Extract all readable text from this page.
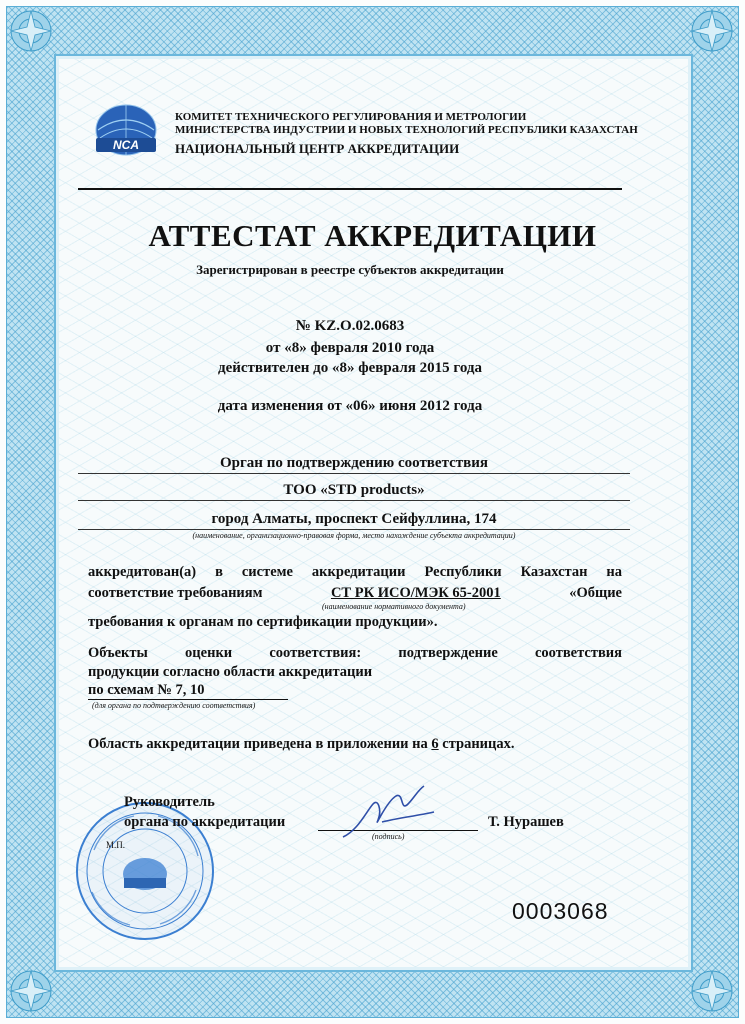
NCA
КОМИТЕТ ТЕХНИЧЕСКОГО РЕГУЛИРОВАНИЯ И МЕТРОЛОГИИ
МИНИСТЕРСТВА ИНДУСТРИИ И НОВЫХ ТЕХНОЛОГИЙ РЕСПУБЛИКИ КАЗАХСТАН
НАЦИОНАЛЬНЫЙ ЦЕНТР АККРЕДИТАЦИИ
АТТЕСТАТ АККРЕДИТАЦИИ
Зарегистрирован в реестре субъектов аккредитации
№ KZ.O.02.0683
от «8» февраля 2010 года
действителен до «8» февраля 2015 года
дата изменения от «06» июня 2012 года
Орган по подтверждению соответствия
ТОО «STD products»
город Алматы, проспект Сейфуллина, 174
(наименование, организационно-правовая форма, место нахождение субъекта аккредитации)
аккредитован(а) в системе аккредитации Республики Казахстан на
соответствие требованиям	СТ РК ИСО/МЭК 65-2001	«Общие
(наименование нормативного документа)
требования к органам по сертификации продукции».
Объекты оценки соответствия: подтверждение соответствия
продукции согласно области аккредитации
по схемам № 7, 10
(для органа по подтверждению соответствия)
Область аккредитации приведена в приложении на 6 страницах.
Руководитель
органа по аккредитации
(подпись)
Т. Нурашев
М.П.
0003068
